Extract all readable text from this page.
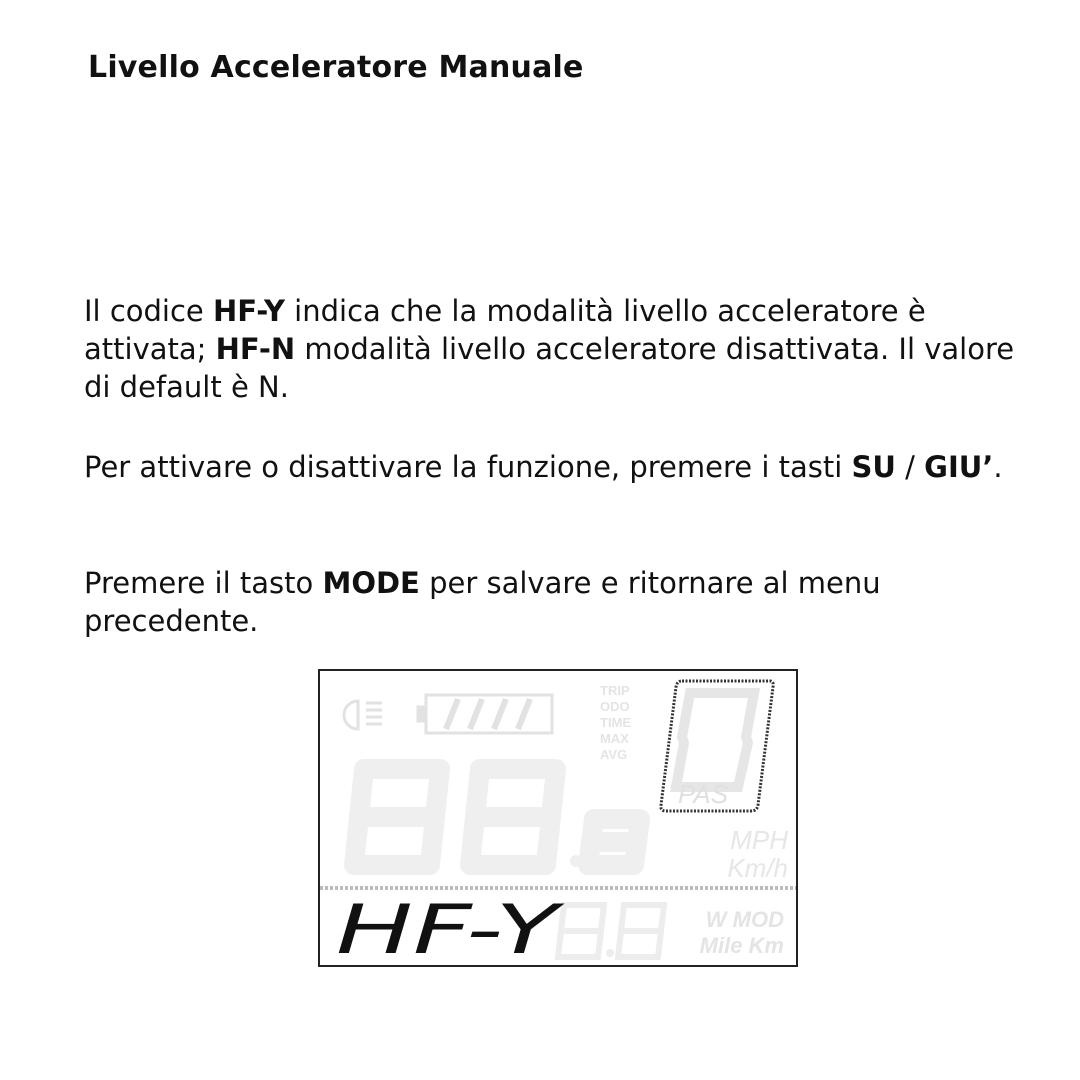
Livello Acceleratore Manuale

Il codice HF-Y indica che la modalità livello acceleratore è attivata; HF-N modalità livello acceleratore disattivata. Il valore di default è N.

Per attivare o disattivare la funzione, premere i tasti SU / GIU’.

Premere il tasto MODE per salvare e ritornare al menu precedente.

TRIP
ODO
TIME
MAX
AVG
PAS
MPH
Km/h
HF-Y	W MOD
Mile Km
